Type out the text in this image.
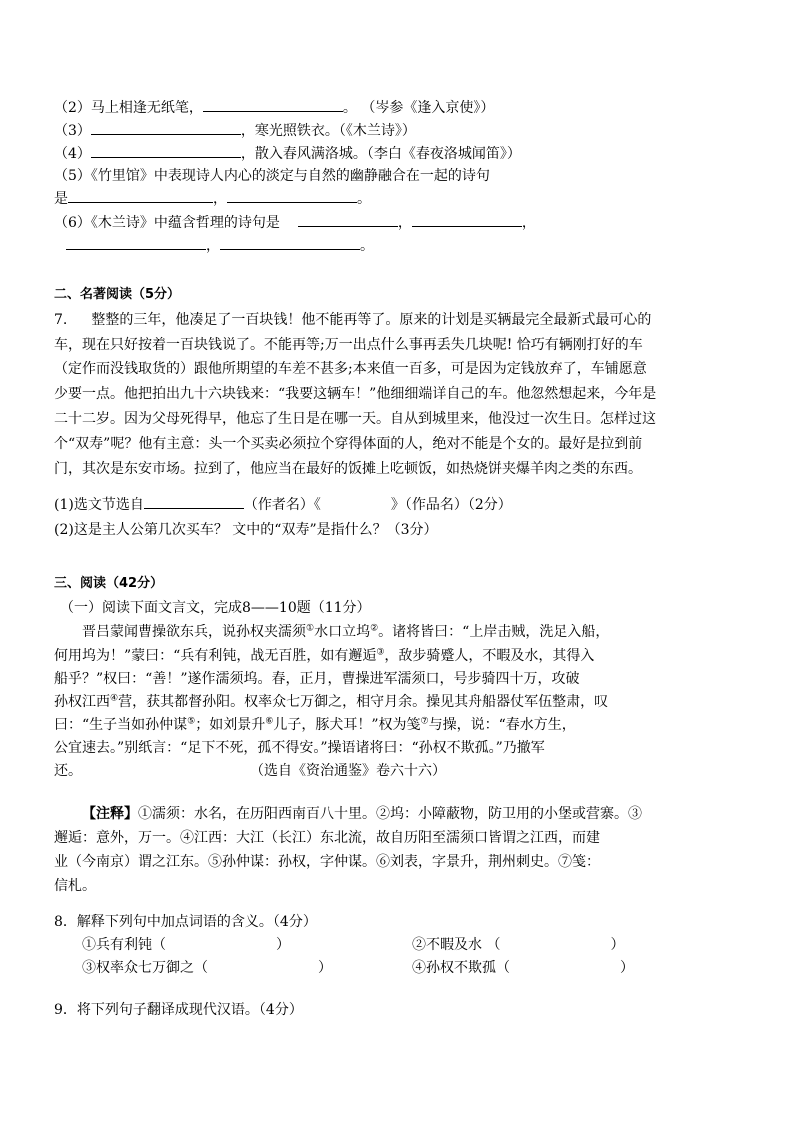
（2）马上相逢无纸笔，	。 （岑参《逢入京使》）
（3）	，寒光照铁衣。（《木兰诗》）
（4）	，散入春风满洛城。（李白《春夜洛城闻笛》）
（5）《竹里馆》中表现诗人内心的淡定与自然的幽静融合在一起的诗句
是	，	。
（6）《木兰诗》中蕴含哲理的诗句是	，	，
，	。
二、名著阅读（5分）
7. 整整的三年，他凑足了一百块钱！他不能再等了。原来的计划是买辆最完全最新式最可心的
车，现在只好按着一百块钱说了。不能再等;万一出点什么事再丢失几块呢! 恰巧有辆刚打好的车
（定作而没钱取货的）跟他所期望的车差不甚多;本来值一百多，可是因为定钱放弃了，车铺愿意
少要一点。他把拍出九十六块钱来：“我要这辆车！”他细细端详自己的车。他忽然想起来，今年是
二十二岁。因为父母死得早，他忘了生日是在哪一天。自从到城里来，他没过一次生日。怎样过这
个“双寿”呢？他有主意：头一个买卖必须拉个穿得体面的人，绝对不能是个女的。最好是拉到前
门，其次是东安市场。拉到了，他应当在最好的饭摊上吃顿饭，如热烧饼夹爆羊肉之类的东西。
(1)选文节选自	（作者名）《	》（作品名）（2分）
(2)这是主人公第几次买车？ 文中的“双寿”是指什么？（3分）
三、阅读（42分）
（一）阅读下面文言文，完成8——10题（11分）
晋吕蒙闻曹操欲东兵，说孙权夹濡须①水口立坞②。诸将皆曰：“上岸击贼，洗足入船，
何用坞为！”蒙曰：“兵有利钝，战无百胜，如有邂逅③，敌步骑蹙人，不暇及水，其得入
船乎？”权曰：“善！”遂作濡须坞。春，正月，曹操进军濡须口，号步骑四十万，攻破
孙权江西④营，获其都督孙阳。权率众七万御之，相守月余。操见其舟船器仗军伍整肃，叹
曰：“生子当如孙仲谋⑤；如刘景升⑥儿子，豚犬耳！”权为笺⑦与操，说：“春水方生，
公宜速去。”别纸言：“足下不死，孤不得安。”操语诸将曰：“孙权不欺孤。”乃撤军
还。	（选自《资治通鉴》卷六十六）
【注释】①濡须：水名，在历阳西南百八十里。②坞：小障蔽物，防卫用的小堡或营寨。③
邂逅：意外，万一。④江西：大江（长江）东北流，故自历阳至濡须口皆谓之江西，而建
业（今南京）谓之江东。⑤孙仲谋：孙权，字仲谋。⑥刘表，字景升，荆州刺史。⑦笺：
信札。
8．解释下列句中加点词语的含义。（4分）
①兵有利钝（	）	②不暇及水 （	）
③权率众七万御之（	）	④孙权不欺孤（	）
9．将下列句子翻译成现代汉语。（4分）
